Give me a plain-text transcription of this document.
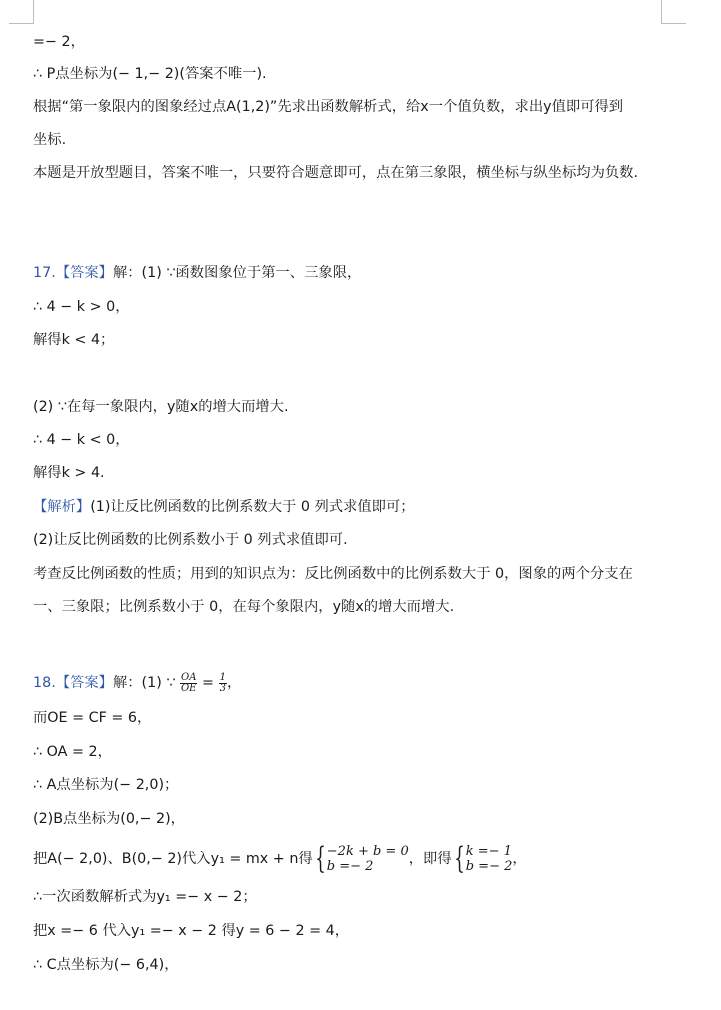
=− 2，
∴ P点坐标为(− 1,− 2)(答案不唯一).
根据“第一象限内的图象经过点A(1,2)”先求出函数解析式，给x一个值负数，求出y值即可得到
坐标.
本题是开放型题目，答案不唯一，只要符合题意即可，点在第三象限，横坐标与纵坐标均为负数.
17.【答案】解：(1) ∵函数图象位于第一、三象限，
∴ 4 − k > 0，
解得k < 4；
(2) ∵在每一象限内，y随x的增大而增大.
∴ 4 − k < 0，
解得k > 4.
【解析】(1)让反比例函数的比例系数大于 0 列式求值即可；
(2)让反比例函数的比例系数小于 0 列式求值即可.
考查反比例函数的性质；用到的知识点为：反比例函数中的比例系数大于 0，图象的两个分支在
一、三象限；比例系数小于 0，在每个象限内，y随x的增大而增大.
18.【答案】解：(1) ∵ $\frac{OA}{OE} = \frac{1}{3}$ ，
而OE = CF = 6，
∴ OA = 2，
∴ A点坐标为(− 2,0)；
(2)B点坐标为(0,− 2)，
把A(− 2,0)、B(0,− 2)代入y₁ = mx + n得{ −2k + b = 0
b =− 2	，即得{ k =− 1
b =− 2 ，
∴一次函数解析式为y₁ =− x − 2；
把x =− 6 代入y₁ =− x − 2 得y = 6 − 2 = 4，
∴ C点坐标为(− 6,4)，
